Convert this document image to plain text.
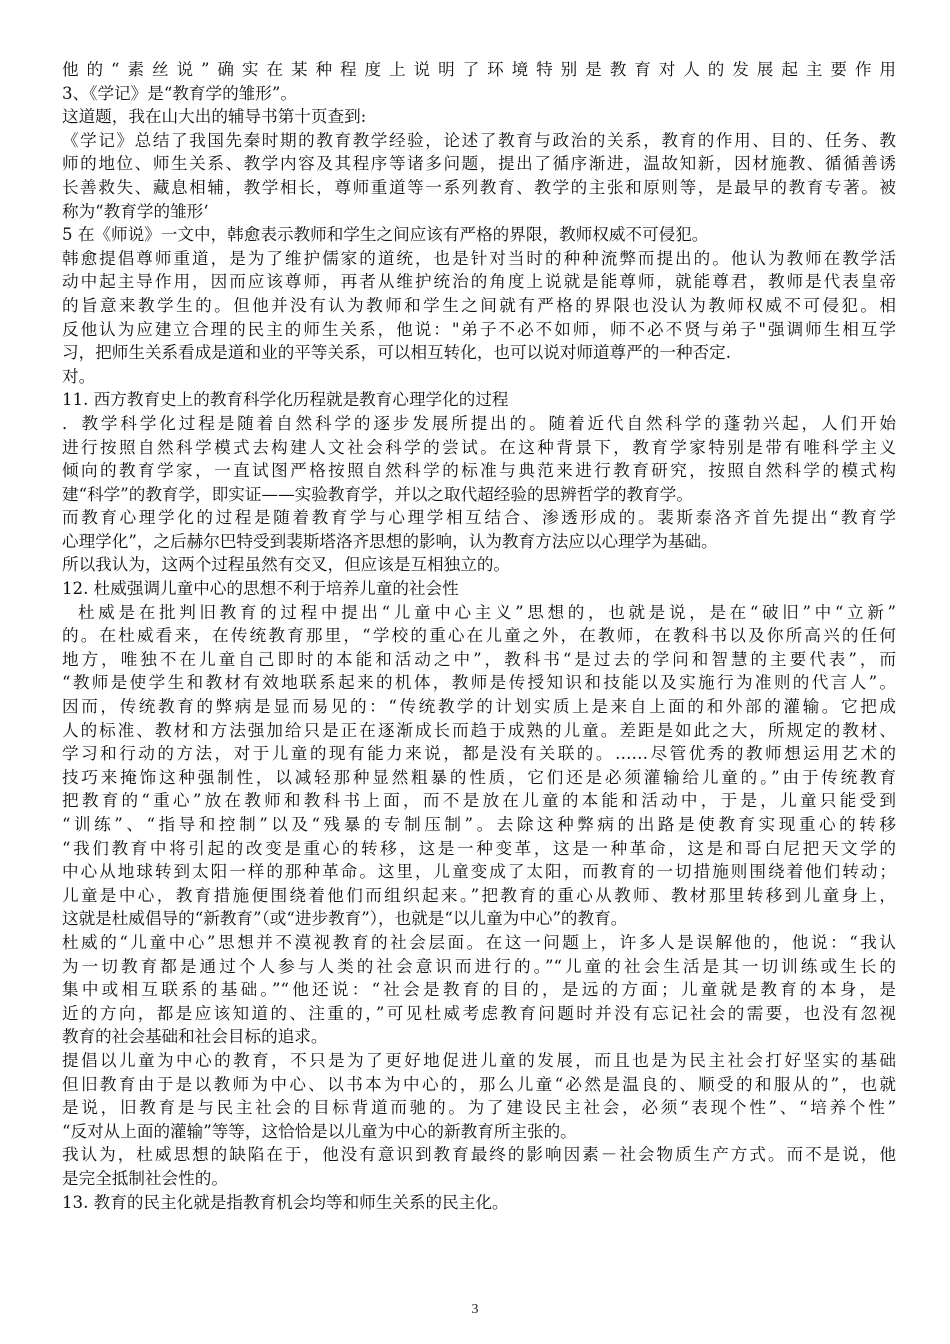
他的“素丝说”确实在某种程度上说明了环境特别是教育对人的发展起主要作用
3、《学记》是“教育学的雏形”。
这道题，我在山大出的辅导书第十页查到:
《学记》总结了我国先秦时期的教育教学经验，论述了教育与政治的关系，教育的作用、目的、任务、教
师的地位、师生关系、教学内容及其程序等诸多问题，提出了循序渐进，温故知新，因材施教、循循善诱
长善救失、藏息相辅，教学相长，尊师重道等一系列教育、教学的主张和原则等，是最早的教育专著。被
称为“教育学的雏形‘
5 在《师说》一文中，韩愈表示教师和学生之间应该有严格的界限，教师权威不可侵犯。
韩愈提倡尊师重道，是为了维护儒家的道统，也是针对当时的种种流弊而提出的。他认为教师在教学活
动中起主导作用，因而应该尊师，再者从维护统治的角度上说就是能尊师，就能尊君，教师是代表皇帝
的旨意来教学生的。但他并没有认为教师和学生之间就有严格的界限也没认为教师权威不可侵犯。相
反他认为应建立合理的民主的师生关系，他说："弟子不必不如师，师不必不贤与弟子"强调师生相互学
习，把师生关系看成是道和业的平等关系，可以相互转化，也可以说对师道尊严的一种否定.
对。
11. 西方教育史上的教育科学化历程就是教育心理学化的过程
．教学科学化过程是随着自然科学的逐步发展所提出的。随着近代自然科学的蓬勃兴起，人们开始
进行按照自然科学模式去构建人文社会科学的尝试。在这种背景下，教育学家特别是带有唯科学主义
倾向的教育学家，一直试图严格按照自然科学的标准与典范来进行教育研究，按照自然科学的模式构
建“科学”的教育学，即实证——实验教育学，并以之取代超经验的思辨哲学的教育学。
而教育心理学化的过程是随着教育学与心理学相互结合、渗透形成的。裴斯泰洛齐首先提出“教育学
心理学化”，之后赫尔巴特受到裴斯塔洛齐思想的影响，认为教育方法应以心理学为基础。
所以我认为，这两个过程虽然有交叉，但应该是互相独立的。
12. 杜威强调儿童中心的思想不利于培养儿童的社会性
杜威是在批判旧教育的过程中提出“儿童中心主义”思想的，也就是说，是在“破旧”中“立新”
的。在杜威看来，在传统教育那里，“学校的重心在儿童之外，在教师，在教科书以及你所高兴的任何
地方，唯独不在儿童自己即时的本能和活动之中”，教科书“是过去的学问和智慧的主要代表”，而
“教师是使学生和教材有效地联系起来的机体，教师是传授知识和技能以及实施行为准则的代言人”。
因而，传统教育的弊病是显而易见的：“传统教学的计划实质上是来自上面的和外部的灌输。它把成
人的标准、教材和方法强加给只是正在逐渐成长而趋于成熟的儿童。差距是如此之大，所规定的教材、
学习和行动的方法，对于儿童的现有能力来说，都是没有关联的。……尽管优秀的教师想运用艺术的
技巧来掩饰这种强制性，以减轻那种显然粗暴的性质，它们还是必须灌输给儿童的。”由于传统教育
把教育的“重心”放在教师和教科书上面，而不是放在儿童的本能和活动中，于是，儿童只能受到
“训练”、“指导和控制”以及“残暴的专制压制”。去除这种弊病的出路是使教育实现重心的转移
“我们教育中将引起的改变是重心的转移，这是一种变革，这是一种革命，这是和哥白尼把天文学的
中心从地球转到太阳一样的那种革命。这里，儿童变成了太阳，而教育的一切措施则围绕着他们转动；
儿童是中心，教育措施便围绕着他们而组织起来。”把教育的重心从教师、教材那里转移到儿童身上，
这就是杜威倡导的“新教育”（或“进步教育”），也就是“以儿童为中心”的教育。
杜威的“儿童中心”思想并不漠视教育的社会层面。在这一问题上，许多人是误解他的，他说：“我认
为一切教育都是通过个人参与人类的社会意识而进行的。”“儿童的社会生活是其一切训练或生长的
集中或相互联系的基础。”“他还说：“社会是教育的目的，是远的方面；儿童就是教育的本身，是
近的方向，都是应该知道的、注重的，”可见杜威考虑教育问题时并没有忘记社会的需要，也没有忽视
教育的社会基础和社会目标的追求。
提倡以儿童为中心的教育，不只是为了更好地促进儿童的发展，而且也是为民主社会打好坚实的基础
但旧教育由于是以教师为中心、以书本为中心的，那么儿童“必然是温良的、顺受的和服从的”，也就
是说，旧教育是与民主社会的目标背道而驰的。为了建设民主社会，必须“表现个性”、“培养个性”
“反对从上面的灌输”等等，这恰恰是以儿童为中心的新教育所主张的。
我认为，杜威思想的缺陷在于，他没有意识到教育最终的影响因素－社会物质生产方式。而不是说，他
是完全抵制社会性的。
13. 教育的民主化就是指教育机会均等和师生关系的民主化。
3
